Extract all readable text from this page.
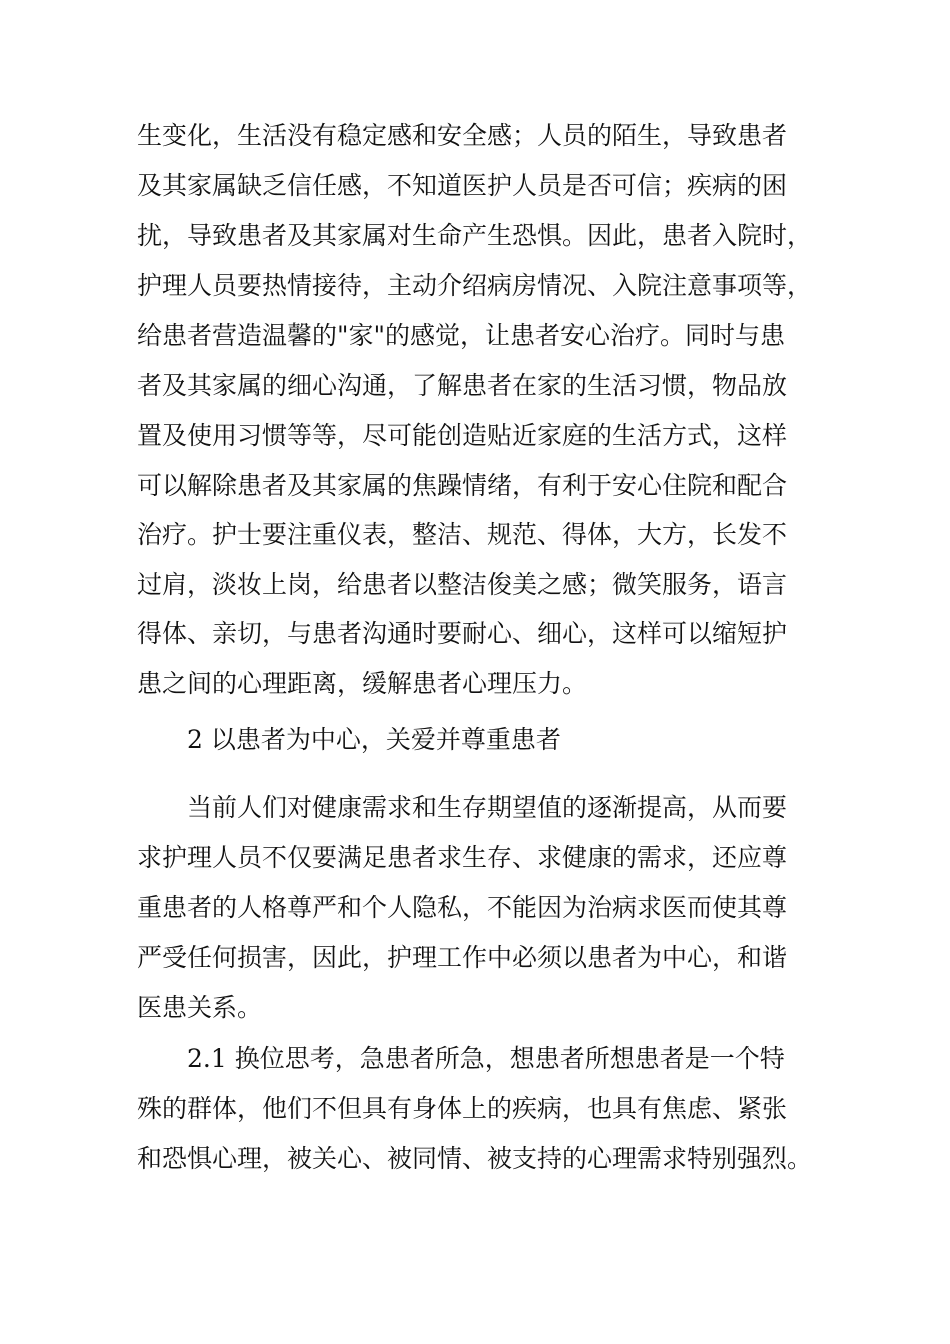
生变化，生活没有稳定感和安全感；人员的陌生，导致患者
及其家属缺乏信任感，不知道医护人员是否可信；疾病的困
扰，导致患者及其家属对生命产生恐惧。因此，患者入院时，
护理人员要热情接待，主动介绍病房情况、入院注意事项等，
给患者营造温馨的"家"的感觉，让患者安心治疗。同时与患
者及其家属的细心沟通，了解患者在家的生活习惯，物品放
置及使用习惯等等，尽可能创造贴近家庭的生活方式，这样
可以解除患者及其家属的焦躁情绪，有利于安心住院和配合
治疗。护士要注重仪表，整洁、规范、得体，大方，长发不
过肩，淡妆上岗，给患者以整洁俊美之感；微笑服务，语言
得体、亲切，与患者沟通时要耐心、细心，这样可以缩短护
患之间的心理距离，缓解患者心理压力。
2 以患者为中心，关爱并尊重患者
当前人们对健康需求和生存期望值的逐渐提高，从而要
求护理人员不仅要满足患者求生存、求健康的需求，还应尊
重患者的人格尊严和个人隐私，不能因为治病求医而使其尊
严受任何损害，因此，护理工作中必须以患者为中心，和谐
医患关系。
2.1 换位思考，急患者所急，想患者所想患者是一个特
殊的群体，他们不但具有身体上的疾病，也具有焦虑、紧张
和恐惧心理，被关心、被同情、被支持的心理需求特别强烈。
